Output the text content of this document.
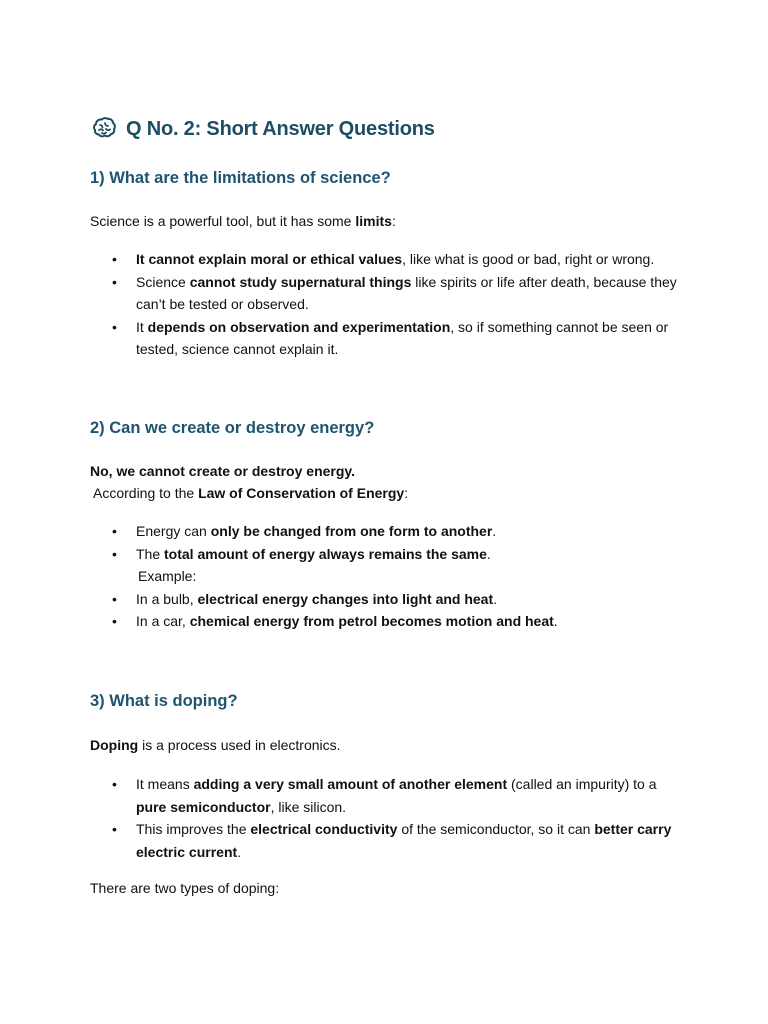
Q No. 2: Short Answer Questions
1) What are the limitations of science?

Science is a powerful tool, but it has some limits:

•	It cannot explain moral or ethical values, like what is good or bad, right or wrong.
•	Science cannot study supernatural things like spirits or life after death, because they can’t be tested or observed.
•	It depends on observation and experimentation, so if something cannot be seen or tested, science cannot explain it.
2) Can we create or destroy energy?

No, we cannot create or destroy energy.

According to the Law of Conservation of Energy:

•	Energy can only be changed from one form to another.
•	The total amount of energy always remains the same.
Example:
•	In a bulb, electrical energy changes into light and heat.
•	In a car, chemical energy from petrol becomes motion and heat.
3) What is doping?

Doping is a process used in electronics.

•	It means adding a very small amount of another element (called an impurity) to a pure semiconductor, like silicon.
•	This improves the electrical conductivity of the semiconductor, so it can better carry electric current.

There are two types of doping:
